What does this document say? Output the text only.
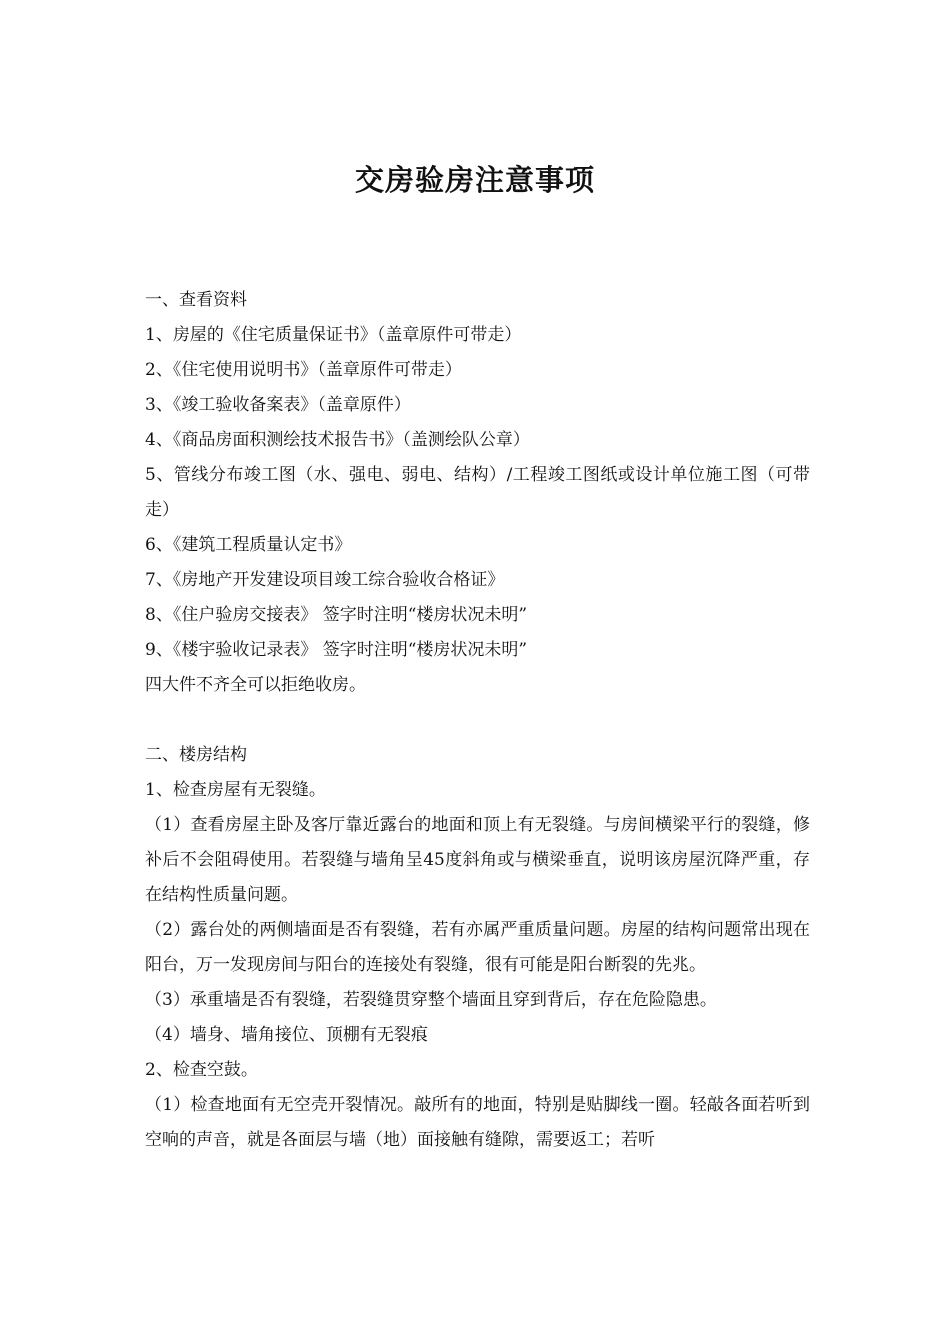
交房验房注意事项

一、查看资料

1、房屋的《住宅质量保证书》（盖章原件可带走）

2、《住宅使用说明书》（盖章原件可带走）

3、《竣工验收备案表》（盖章原件）

4、《商品房面积测绘技术报告书》（盖测绘队公章）

5、管线分布竣工图（水、强电、弱电、结构）/工程竣工图纸或设计单位施工图（可带走）

6、《建筑工程质量认定书》

7、《房地产开发建设项目竣工综合验收合格证》

8、《住户验房交接表》 签字时注明“楼房状况未明”

9、《楼宇验收记录表》 签字时注明“楼房状况未明”

四大件不齐全可以拒绝收房。

二、楼房结构

1、检查房屋有无裂缝。

（1）查看房屋主卧及客厅靠近露台的地面和顶上有无裂缝。与房间横梁平行的裂缝，修补后不会阻碍使用。若裂缝与墙角呈45度斜角或与横梁垂直，说明该房屋沉降严重，存在结构性质量问题。

（2）露台处的两侧墙面是否有裂缝，若有亦属严重质量问题。房屋的结构问题常出现在阳台，万一发现房间与阳台的连接处有裂缝，很有可能是阳台断裂的先兆。

（3）承重墙是否有裂缝，若裂缝贯穿整个墙面且穿到背后，存在危险隐患。

（4）墙身、墙角接位、顶棚有无裂痕

2、检查空鼓。

（1）检查地面有无空壳开裂情况。敲所有的地面，特别是贴脚线一圈。轻敲各面若听到空响的声音，就是各面层与墙（地）面接触有缝隙，需要返工；若听
